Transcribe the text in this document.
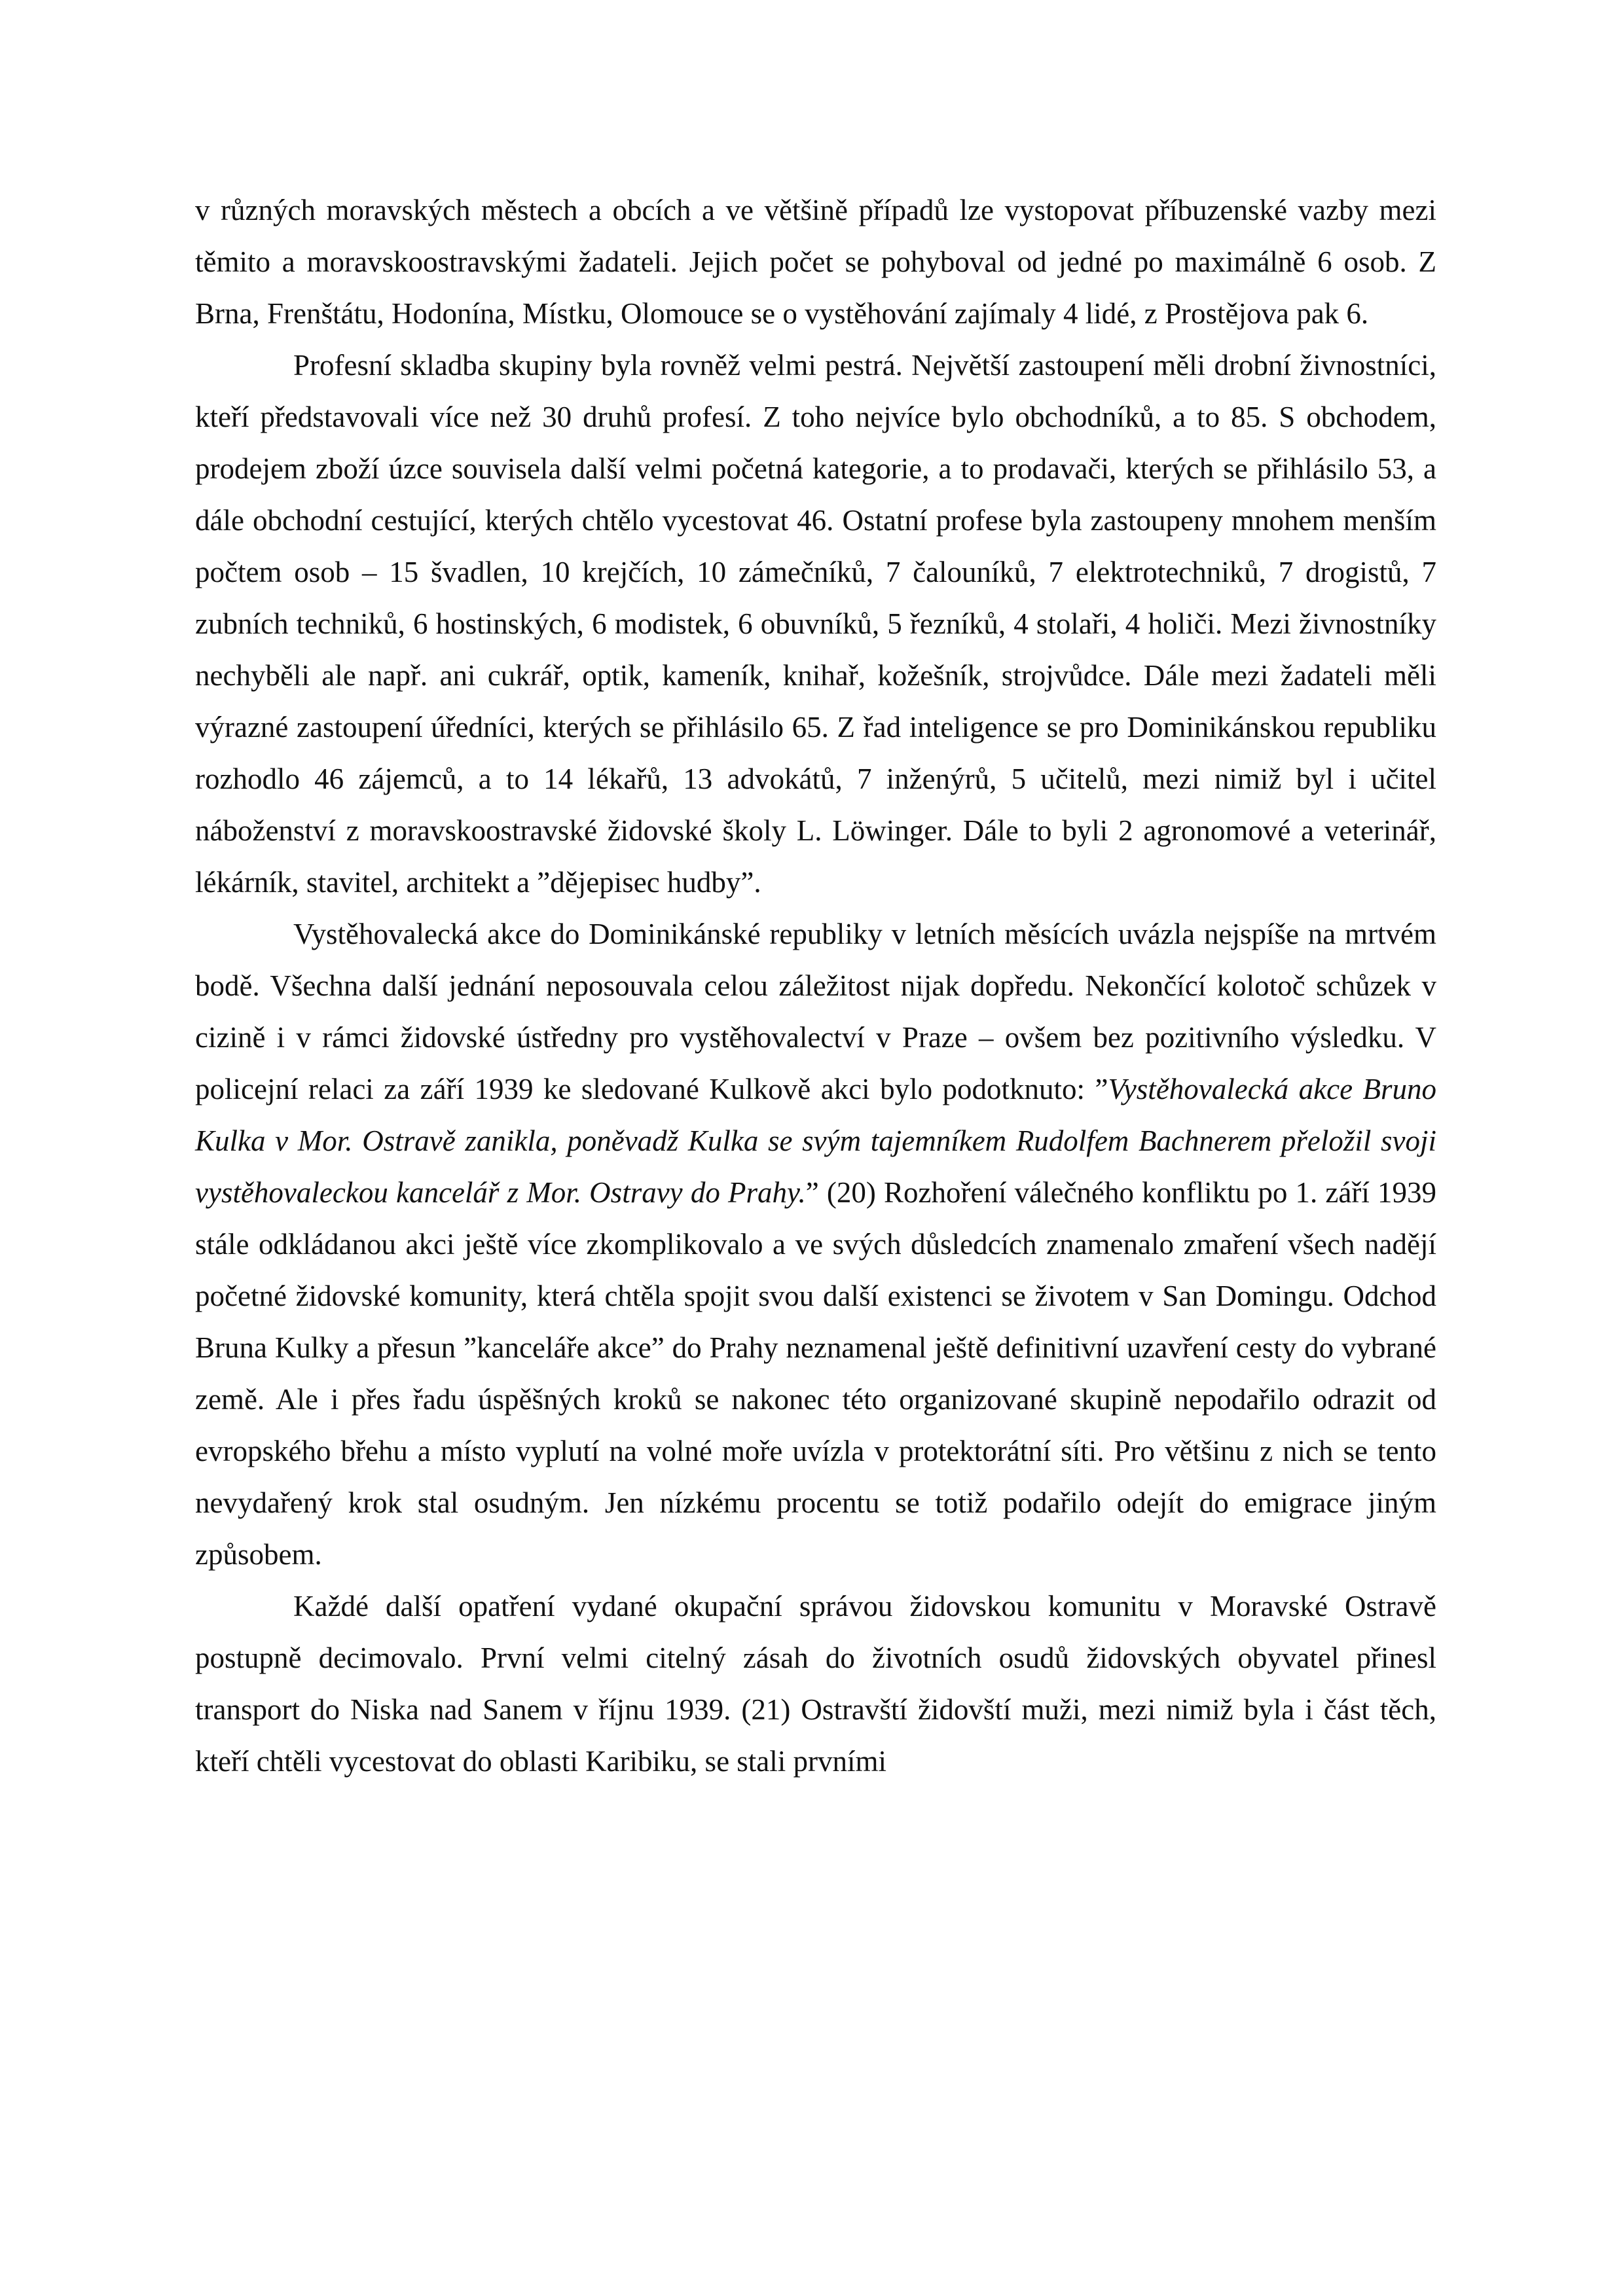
v různých moravských městech a obcích a ve většině případů lze vystopovat příbuzenské vazby mezi těmito a moravskoostravskými žadateli. Jejich počet se pohyboval od jedné po maximálně 6 osob. Z Brna, Frenštátu, Hodonína, Místku, Olomouce se o vystěhování zajímaly 4 lidé, z Prostějova pak 6.

Profesní skladba skupiny byla rovněž velmi pestrá. Největší zastoupení měli drobní živnostníci, kteří představovali více než 30 druhů profesí. Z toho nejvíce bylo obchodníků, a to 85. S obchodem, prodejem zboží úzce souvisela další velmi početná kategorie, a to prodavači, kterých se přihlásilo 53, a dále obchodní cestující, kterých chtělo vycestovat 46. Ostatní profese byla zastoupeny mnohem menším počtem osob – 15 švadlen, 10 krejčích, 10 zámečníků, 7 čalouníků, 7 elektrotechniků, 7 drogistů, 7 zubních techniků, 6 hostinských, 6 modistek, 6 obuvníků, 5 řezníků, 4 stolaři, 4 holiči. Mezi živnostníky nechyběli ale např. ani cukrář, optik, kameník, knihař, kožešník, strojvůdce. Dále mezi žadateli měli výrazné zastoupení úředníci, kterých se přihlásilo 65. Z řad inteligence se pro Dominikánskou republiku rozhodlo 46 zájemců, a to 14 lékařů, 13 advokátů, 7 inženýrů, 5 učitelů, mezi nimiž byl i učitel náboženství z moravskoostravské židovské školy L. Löwinger. Dále to byli 2 agronomové a veterinář, lékárník, stavitel, architekt a ”dějepisec hudby”.

Vystěhovalecká akce do Dominikánské republiky v letních měsících uvázla nejspíše na mrtvém bodě. Všechna další jednání neposouvala celou záležitost nijak dopředu. Nekončící kolotoč schůzek v cizině i v rámci židovské ústředny pro vystěhovalectví v Praze – ovšem bez pozitivního výsledku. V policejní relaci za září 1939 ke sledované Kulkově akci bylo podotknuto: ”Vystěhovalecká akce Bruno Kulka v Mor. Ostravě zanikla, poněvadž Kulka se svým tajemníkem Rudolfem Bachnerem přeložil svoji vystěhovaleckou kancelář z Mor. Ostravy do Prahy.” (20) Rozhoření válečného konfliktu po 1. září 1939 stále odkládanou akci ještě více zkomplikovalo a ve svých důsledcích znamenalo zmaření všech nadějí početné židovské komunity, která chtěla spojit svou další existenci se životem v San Domingu. Odchod Bruna Kulky a přesun ”kanceláře akce” do Prahy neznamenal ještě definitivní uzavření cesty do vybrané země. Ale i přes řadu úspěšných kroků se nakonec této organizované skupině nepodařilo odrazit od evropského břehu a místo vyplutí na volné moře uvízla v protektorátní síti. Pro většinu z nich se tento nevydařený krok stal osudným. Jen nízkému procentu se totiž podařilo odejít do emigrace jiným způsobem.

Každé další opatření vydané okupační správou židovskou komunitu v Moravské Ostravě postupně decimovalo. První velmi citelný zásah do životních osudů židovských obyvatel přinesl transport do Niska nad Sanem v říjnu 1939. (21) Ostravští židovští muži, mezi nimiž byla i část těch, kteří chtěli vycestovat do oblasti Karibiku, se stali prvními
